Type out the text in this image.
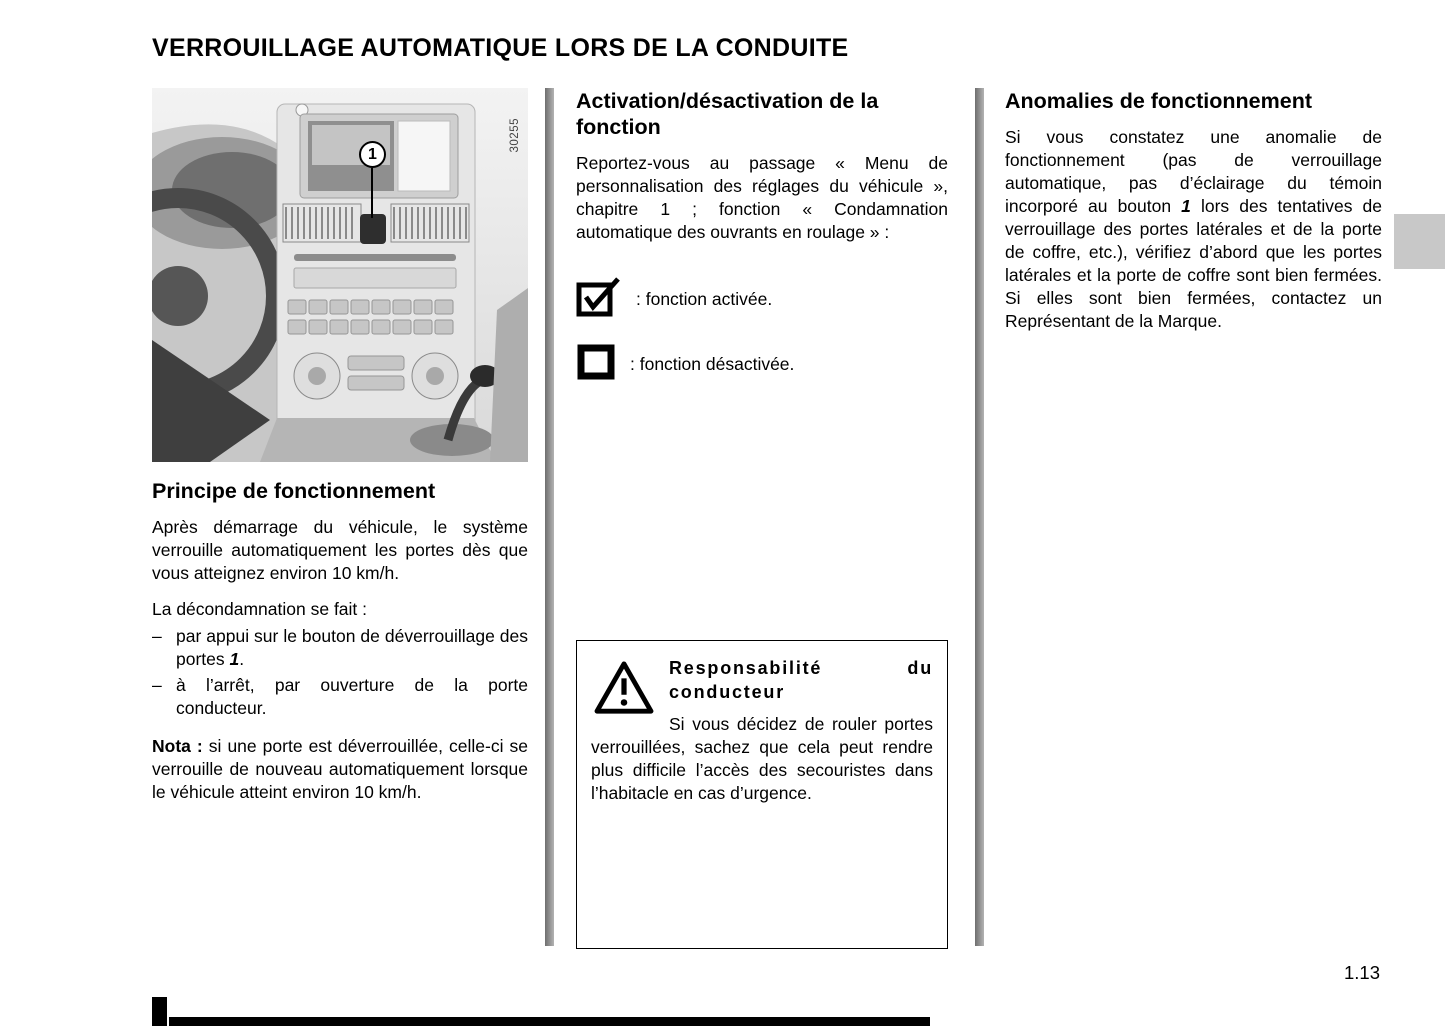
VERROUILLAGE AUTOMATIQUE LORS DE LA CONDUITE
30255
1
Principe de fonctionnement

Après démarrage du véhicule, le système verrouille automatiquement les portes dès que vous atteignez environ 10 km/h.

La décondamnation se fait :

– par appui sur le bouton de déverrouillage des portes 1.
– à l’arrêt, par ouverture de la porte conducteur.

Nota : si une porte est déverrouillée, celle-ci se verrouille de nouveau automatiquement lorsque le véhicule atteint environ 10 km/h.

Activation/désactivation de la fonction

Reportez-vous au passage « Menu de personnalisation des réglages du véhicule », chapitre 1 ; fonction « Condamnation automatique des ouvrants en roulage » :

: fonction activée.
: fonction désactivée.
Responsabilité du conducteur
Si vous décidez de rouler portes verrouillées, sachez que cela peut rendre plus difficile l’accès des secouristes dans l’habitacle en cas d’urgence.
Anomalies de fonctionnement

Si vous constatez une anomalie de fonctionnement (pas de verrouillage automatique, pas d’éclairage du témoin incorporé au bouton 1 lors des tentatives de verrouillage des portes latérales et de la porte de coffre, etc.), vérifiez d’abord que les portes latérales et la porte de coffre sont bien fermées. Si elles sont bien fermées, contactez un Représentant de la Marque.

1.13
